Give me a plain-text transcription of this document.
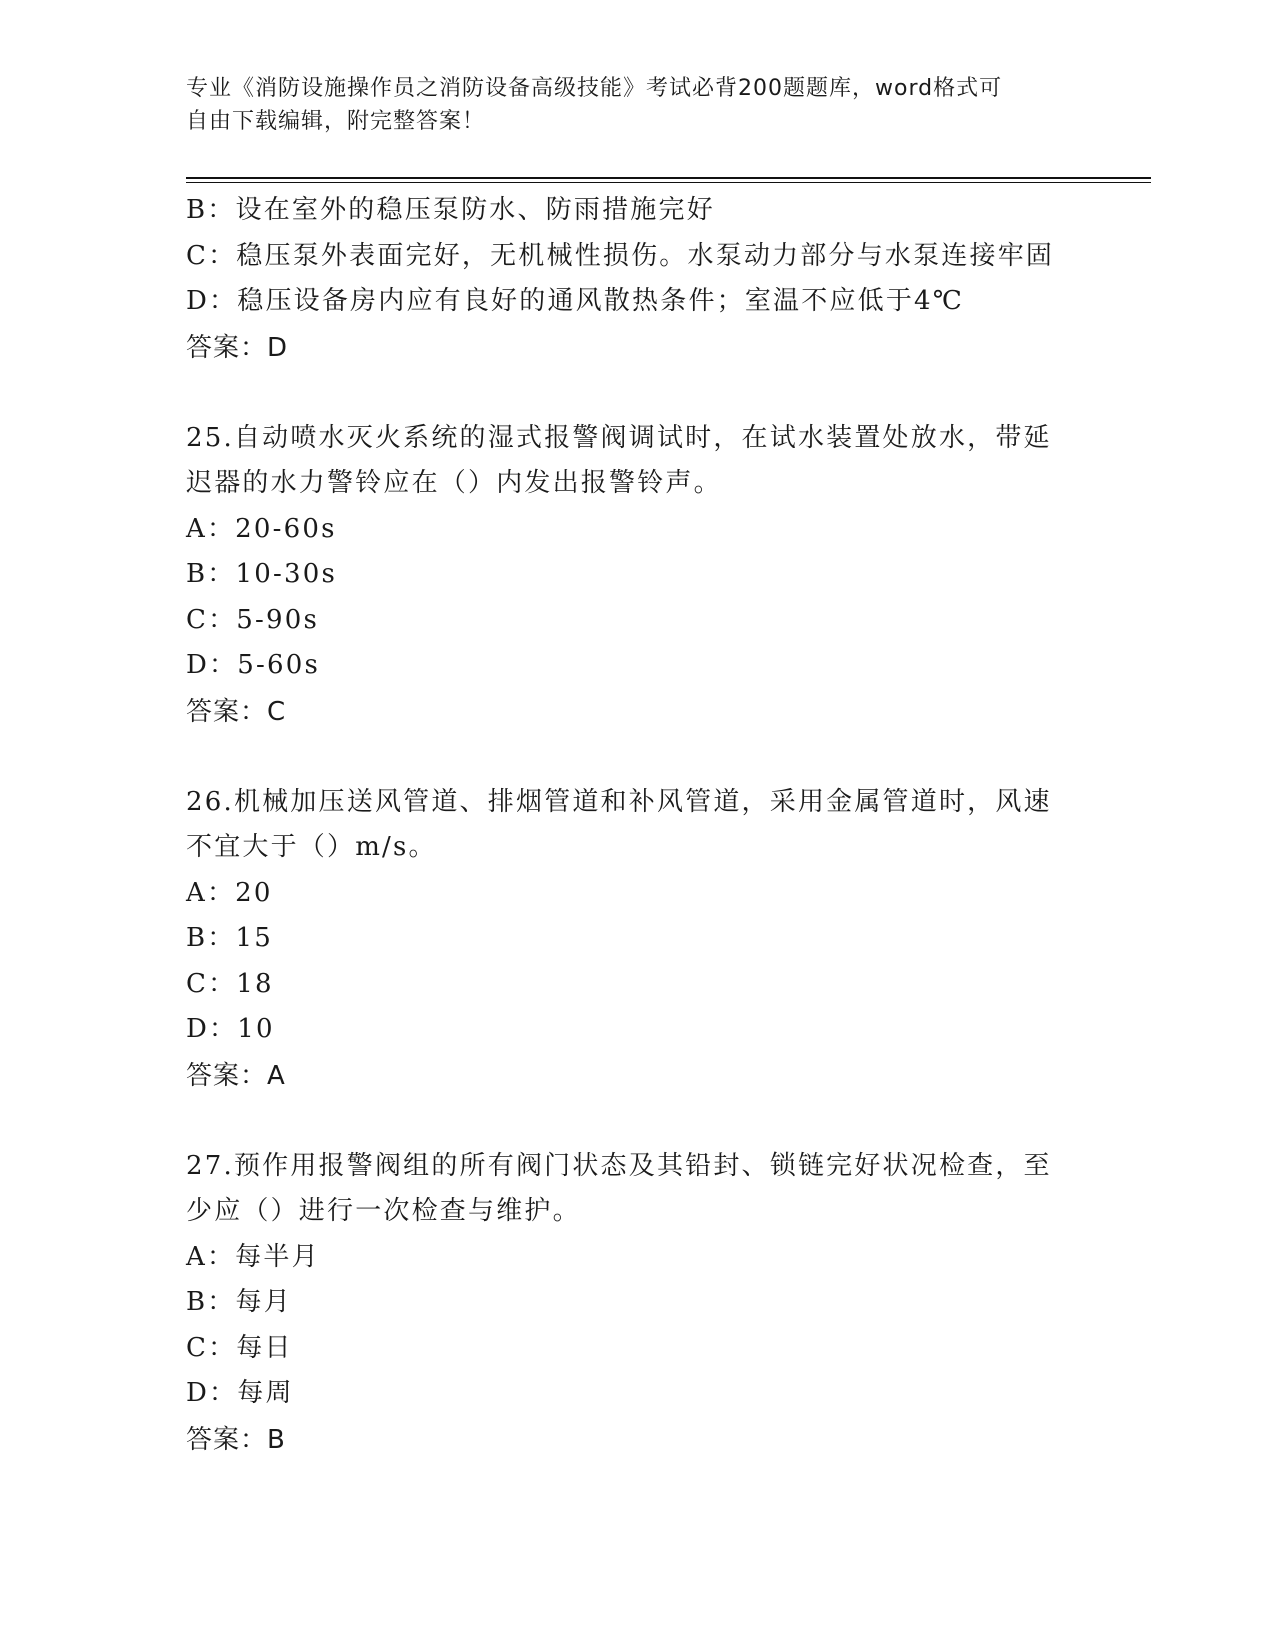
专业《消防设施操作员之消防设备高级技能》考试必背200题题库，word格式可
自由下载编辑，附完整答案！
B：设在室外的稳压泵防水、防雨措施完好
C：稳压泵外表面完好，无机械性损伤。水泵动力部分与水泵连接牢固
D：稳压设备房内应有良好的通风散热条件；室温不应低于4℃
答案：D
25.自动喷水灭火系统的湿式报警阀调试时，在试水装置处放水，带延
迟器的水力警铃应在（）内发出报警铃声。
A：20-60s
B：10-30s
C：5-90s
D：5-60s
答案：C
26.机械加压送风管道、排烟管道和补风管道，采用金属管道时，风速
不宜大于（）m/s。
A：20
B：15
C：18
D：10
答案：A
27.预作用报警阀组的所有阀门状态及其铅封、锁链完好状况检查，至
少应（）进行一次检查与维护。
A：每半月
B：每月
C：每日
D：每周
答案：B
